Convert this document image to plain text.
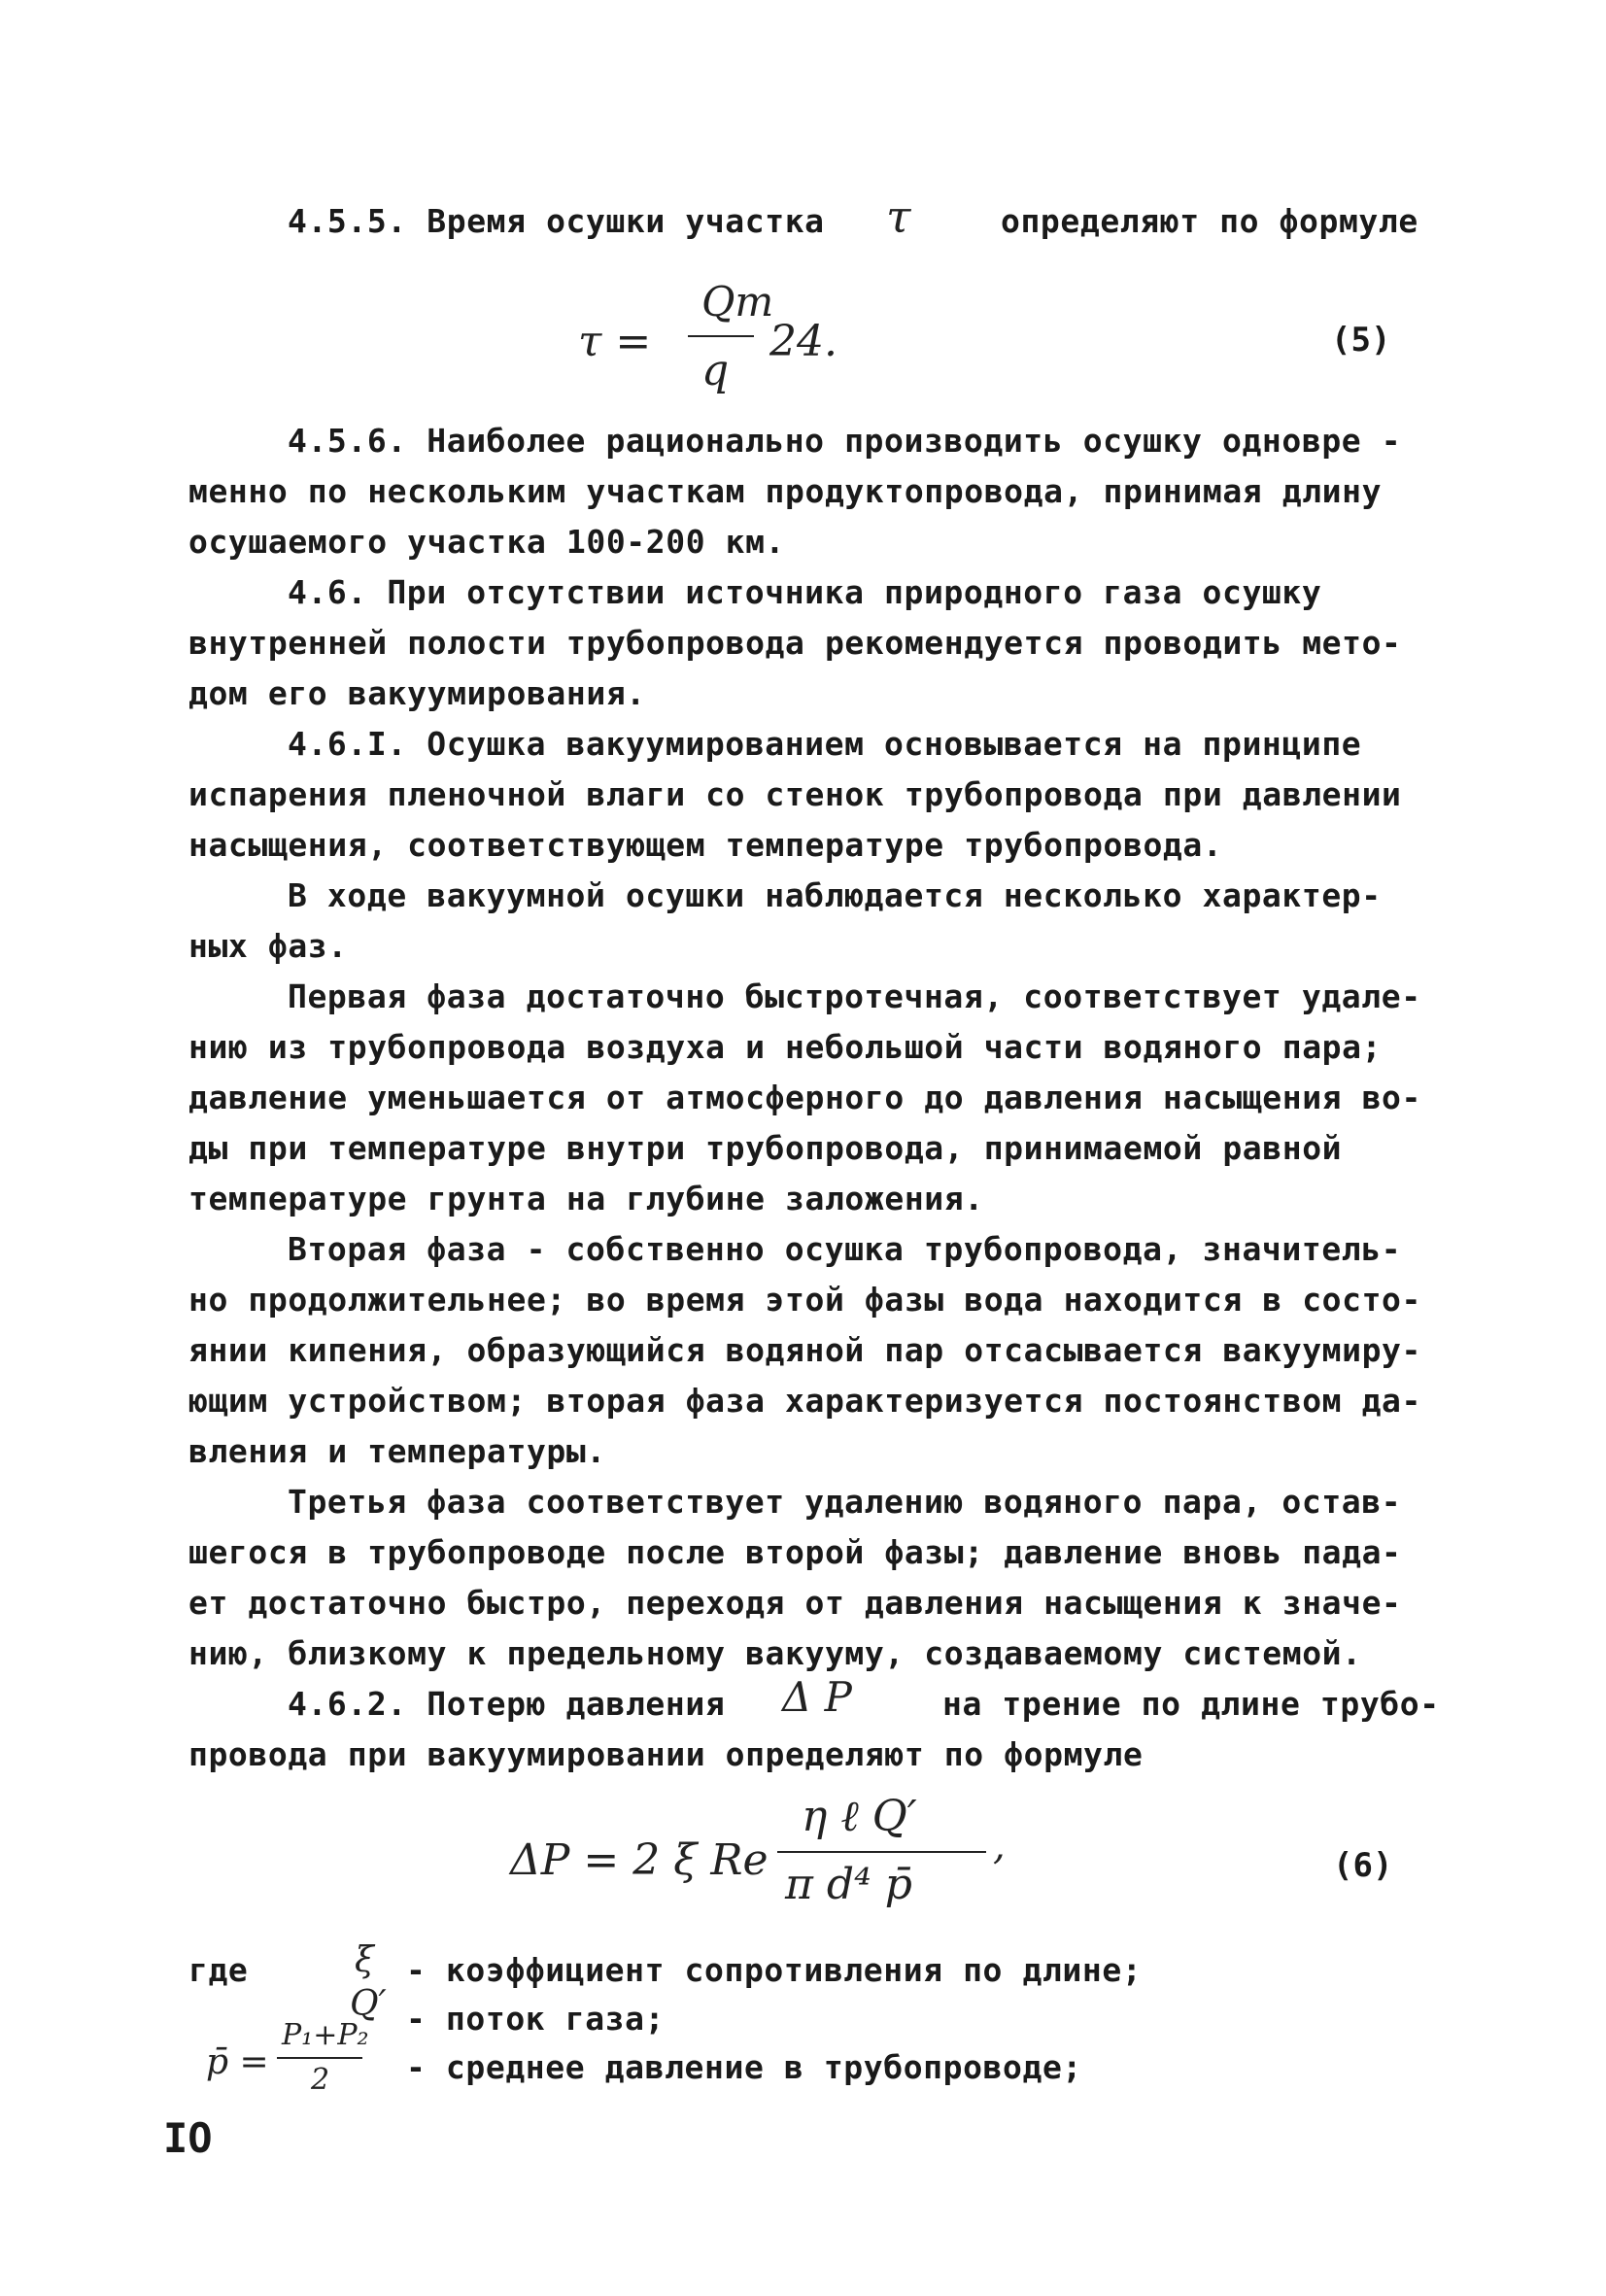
4.5.5. Время осушки участка τ	определяют по формуле
τ =
Qт
q
24.	(5)
4.5.6. Наиболее рационально производить осушку одновре -
менно по нескольким участкам продуктопровода, принимая длину
осушаемого участка 100-200 км.
4.6. При отсутствии источника природного газа осушку
внутренней полости трубопровода рекомендуется проводить мето-
дом его вакуумирования.
4.6.I. Осушка вакуумированием основывается на принципе
испарения пленочной влаги со стенок трубопровода при давлении
насыщения, соответствующем температуре трубопровода.
В ходе вакуумной осушки наблюдается несколько характер-
ных фаз.
Первая фаза достаточно быстротечная, соответствует удале-
нию из трубопровода воздуха и небольшой части водяного пара;
давление уменьшается от атмосферного до давления насыщения во-
ды при температуре внутри трубопровода, принимаемой равной
температуре грунта на глубине заложения.
Вторая фаза - собственно осушка трубопровода, значитель-
но продолжительнее; во время этой фазы вода находится в состо-
янии кипения, образующийся водяной пар отсасывается вакуумиру-
ющим устройством; вторая фаза характеризуется постоянством да-
вления и температуры.
Третья фаза соответствует удалению водяного пара, остав-
шегося в трубопроводе после второй фазы; давление вновь пада-
ет достаточно быстро, переходя от давления насыщения к значе-
нию, близкому к предельному вакууму, создаваемому системой.
4.6.2. Потерю давления Δ P	на трение по длине трубо-
провода при вакуумировании определяют по формуле
ΔP = 2 ξ Re
η ℓ Q′
π d⁴ p̄
,	(6)
где	ξ - коэффициент сопротивления по длине;
Q′ - поток газа;
p̄ =
P₁+P₂
2 - среднее давление в трубопроводе;
IO
